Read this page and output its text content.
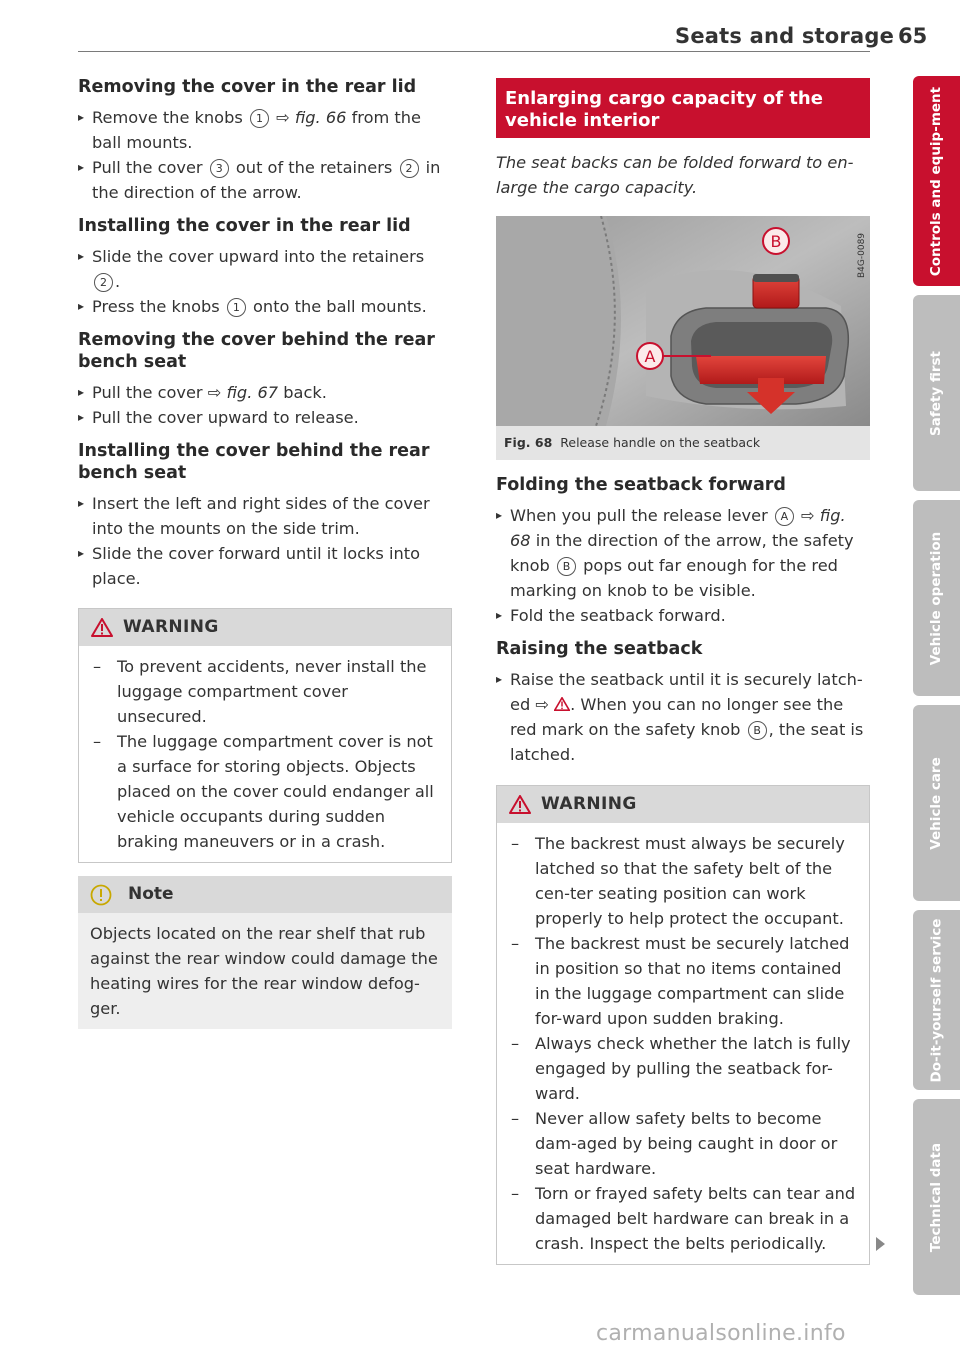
Seats and storage 65
Removing the cover in the rear lid

▸ Remove the knobs 1 ⇨ fig. 66 from the ball mounts.

▸ Pull the cover 3 out of the retainers 2 in the direction of the arrow.

Installing the cover in the rear lid

▸ Slide the cover upward into the retainers 2 .

▸ Press the knobs 1 onto the ball mounts.

Removing the cover behind the rear bench seat

▸ Pull the cover ⇨ fig. 67 back.

▸ Pull the cover upward to release.

Installing the cover behind the rear bench seat

▸ Insert the left and right sides of the cover into the mounts on the side trim.

▸ Slide the cover forward until it locks into place.

WARNING

– To prevent accidents, never install the luggage compartment cover unsecured.

– The luggage compartment cover is not a surface for storing objects. Objects placed on the cover could endanger all vehicle occupants during sudden braking maneuvers or in a crash.

Note
Objects located on the rear shelf that rub against the rear window could damage the heating wires for the rear window defog-ger.
Enlarging cargo capacity of the vehicle interior
The seat backs can be folded forward to en-large the cargo capacity.
B
A
B4G-0089
Fig. 68 Release handle on the seatback
Folding the seatback forward

▸ When you pull the release lever A ⇨ fig. 68 in the direction of the arrow, the safety knob B pops out far enough for the red marking on knob to be visible.

▸ Fold the seatback forward.

Raising the seatback

▸ Raise the seatback until it is securely latch-ed ⇨ . When you can no longer see the red mark on the safety knob B , the seat is latched.

WARNING

– The backrest must always be securely latched so that the safety belt of the cen-ter seating position can work properly to help protect the occupant.

– The backrest must be securely latched in position so that no items contained in the luggage compartment can slide for-ward upon sudden braking.

– Always check whether the latch is fully engaged by pulling the seatback for-ward.

– Never allow safety belts to become dam-aged by being caught in door or seat hardware.

– Torn or frayed safety belts can tear and damaged belt hardware can break in a crash. Inspect the belts periodically.

Controls and equip-ment
Safety first
Vehicle operation
Vehicle care
Do-it-yourself service
Technical data
carmanualsonline.info
